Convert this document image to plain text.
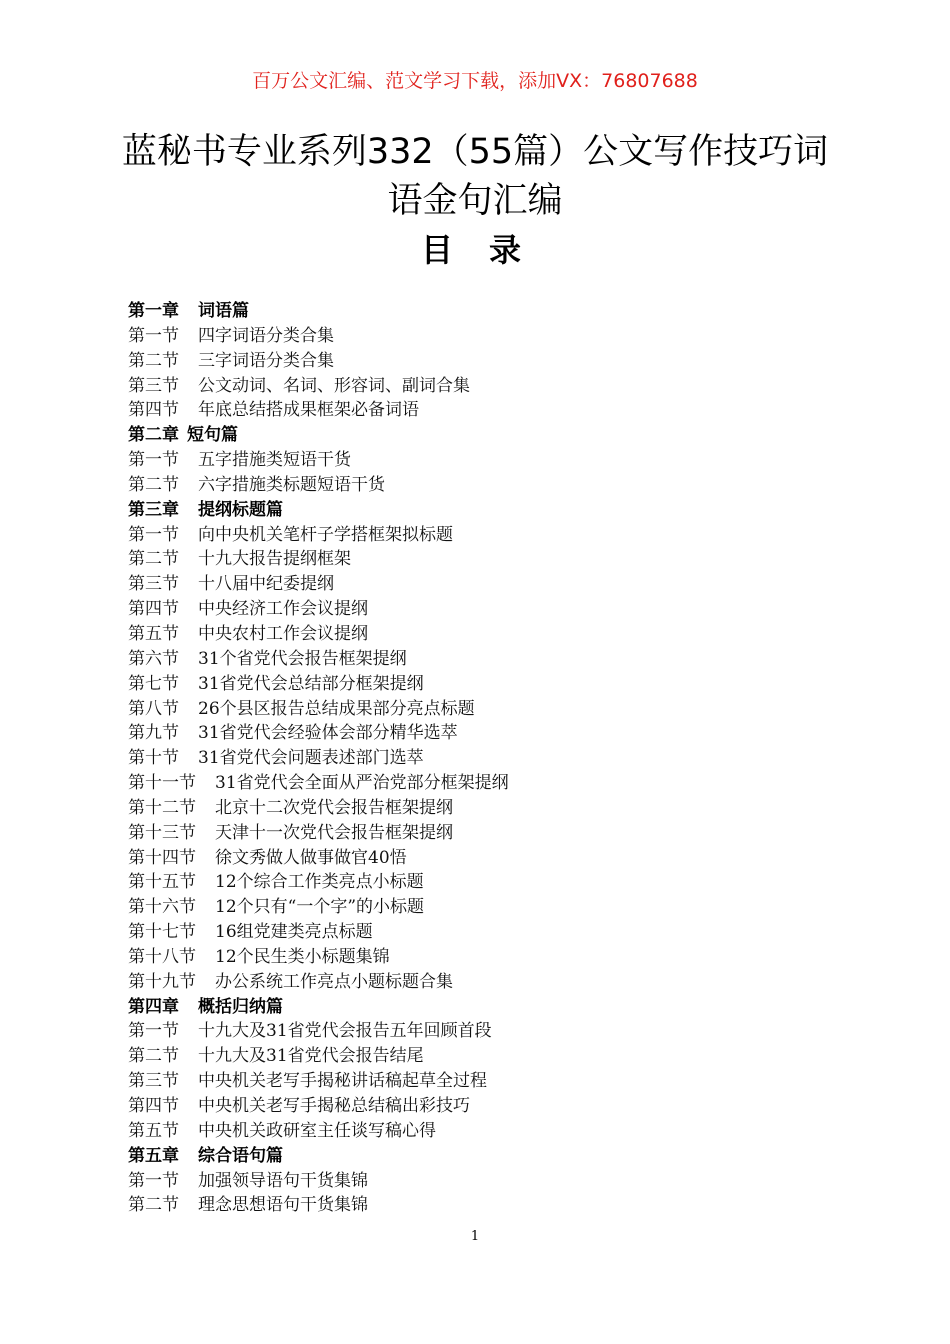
百万公文汇编、范文学习下载，添加VX：76807688
蓝秘书专业系列332（55篇）公文写作技巧词
语金句汇编
目 录
第一章 词语篇
第一节 四字词语分类合集
第二节 三字词语分类合集
第三节 公文动词、名词、形容词、副词合集
第四节 年底总结搭成果框架必备词语
第二章 短句篇
第一节 五字措施类短语干货
第二节 六字措施类标题短语干货
第三章 提纲标题篇
第一节 向中央机关笔杆子学搭框架拟标题
第二节 十九大报告提纲框架
第三节 十八届中纪委提纲
第四节 中央经济工作会议提纲
第五节 中央农村工作会议提纲
第六节 31个省党代会报告框架提纲
第七节 31省党代会总结部分框架提纲
第八节 26个县区报告总结成果部分亮点标题
第九节 31省党代会经验体会部分精华选萃
第十节 31省党代会问题表述部门选萃
第十一节 31省党代会全面从严治党部分框架提纲
第十二节 北京十二次党代会报告框架提纲
第十三节 天津十一次党代会报告框架提纲
第十四节 徐文秀做人做事做官40悟
第十五节 12个综合工作类亮点小标题
第十六节 12个只有“一个字”的小标题
第十七节 16组党建类亮点标题
第十八节 12个民生类小标题集锦
第十九节 办公系统工作亮点小题标题合集
第四章 概括归纳篇
第一节 十九大及31省党代会报告五年回顾首段
第二节 十九大及31省党代会报告结尾
第三节 中央机关老写手揭秘讲话稿起草全过程
第四节 中央机关老写手揭秘总结稿出彩技巧
第五节 中央机关政研室主任谈写稿心得
第五章 综合语句篇
第一节 加强领导语句干货集锦
第二节 理念思想语句干货集锦
1
